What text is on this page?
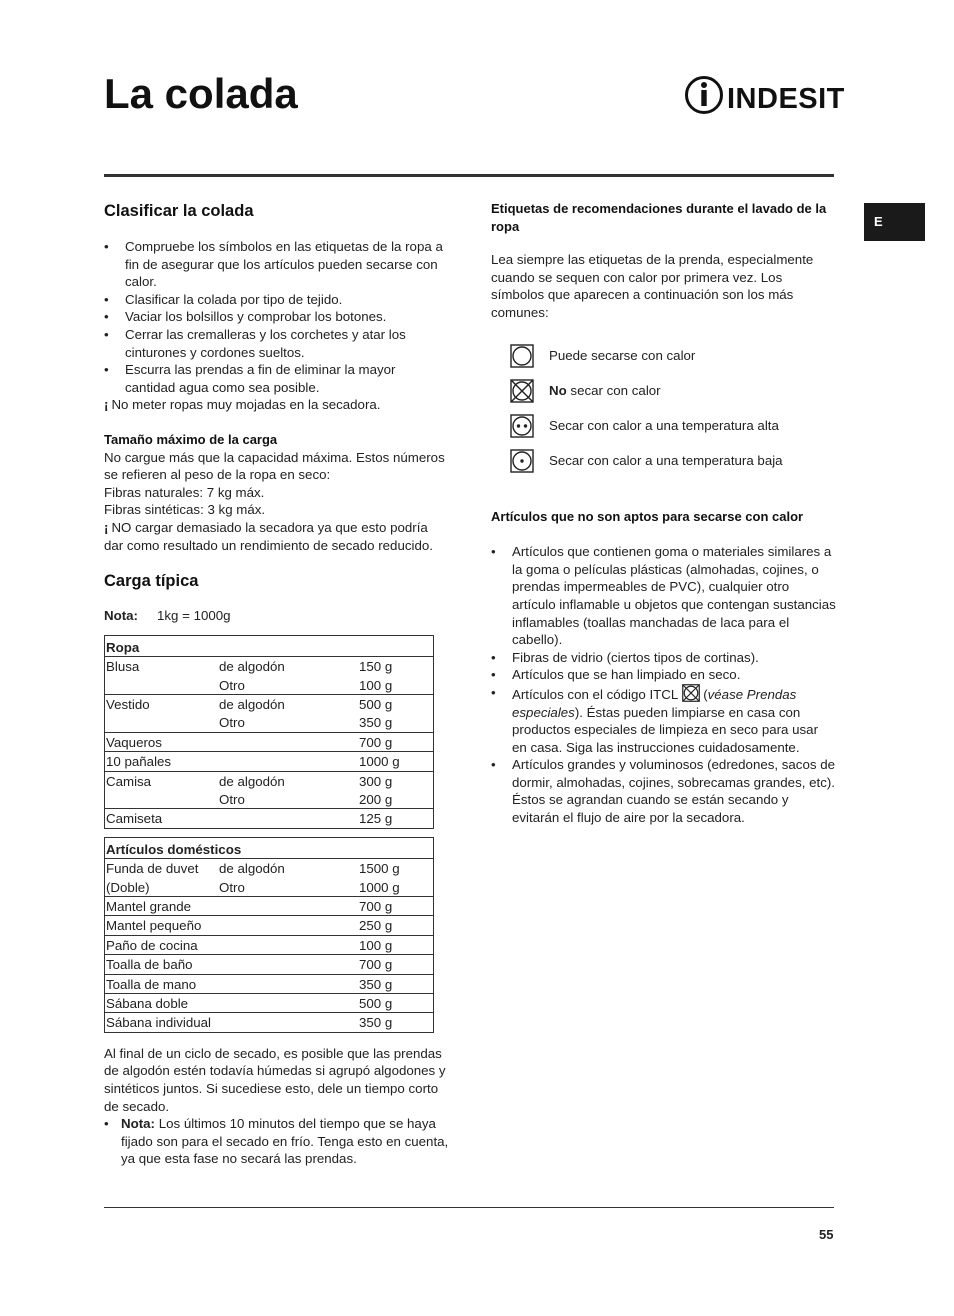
La colada	INDESIT
E
Clasificar la colada
• Compruebe los símbolos en las etiquetas de la ropa a fin de asegurar que los artículos pueden secarse con calor.
• Clasificar la colada por tipo de tejido.
• Vaciar los bolsillos y comprobar los botones.
• Cerrar las cremalleras y los corchetes y atar los cinturones y cordones sueltos.
• Escurra las prendas a fin de eliminar la mayor cantidad agua como sea posible.

¡ No meter ropas muy mojadas en la secadora.

Tamaño máximo de la carga

No cargue más que la capacidad máxima. Estos números se refieren al peso de la ropa en seco:

Fibras naturales: 7 kg máx.

Fibras sintéticas: 3 kg máx.

¡ NO cargar demasiado la secadora ya que esto podría dar como resultado un rendimiento de secado reducido.

Carga típica
Nota:	1kg = 1000g
Ropa		
Blusa	de algodón	150 g
	Otro	100 g
Vestido	de algodón	500 g
	Otro	350 g
Vaqueros		700 g
10 pañales		1000 g
Camisa	de algodón	300 g
	Otro	200 g
Camiseta		125 g
Artículos domésticos		
Funda de duvet	de algodón	1500 g
(Doble)	Otro	1000 g
Mantel grande		700 g
Mantel pequeño		250 g
Paño de cocina		100 g
Toalla de baño		700 g
Toalla de mano		350 g
Sábana doble		500 g
Sábana individual		350 g

Al final de un ciclo de secado, es posible que las prendas de algodón estén todavía húmedas si agrupó algodones y sintéticos juntos. Si sucediese esto, dele un tiempo corto de secado.

• Nota: Los últimos 10 minutos del tiempo que se haya fijado son para el secado en frío. Tenga esto en cuenta, ya que esta fase no secará las prendas.
Etiquetas de recomendaciones durante el lavado de la ropa

Lea siempre las etiquetas de la prenda, especialmente cuando se sequen con calor por primera vez. Los símbolos que aparecen a continuación son los más comunes:

Puede secarse con calor
No secar con calor
Secar con calor a una temperatura alta
Secar con calor a una temperatura baja
Artículos que no son aptos para secarse con calor
• Artículos que contienen goma o materiales similares a la goma o películas plásticas (almohadas, cojines, o prendas impermeables de PVC), cualquier otro artículo inflamable u objetos que contengan sustancias inflamables (toallas manchadas de laca para el cabello).
• Fibras de vidrio (ciertos tipos de cortinas).
• Artículos que se han limpiado en seco.
• Artículos con el código ITCL  (véase Prendas especiales). Éstas pueden limpiarse en casa con productos especiales de limpieza en seco para usar en casa. Siga las instrucciones cuidadosamente.
• Artículos grandes y voluminosos (edredones, sacos de dormir, almohadas, cojines, sobrecamas grandes, etc). Éstos se agrandan cuando se están secando y evitarán el flujo de aire por la secadora.
55
